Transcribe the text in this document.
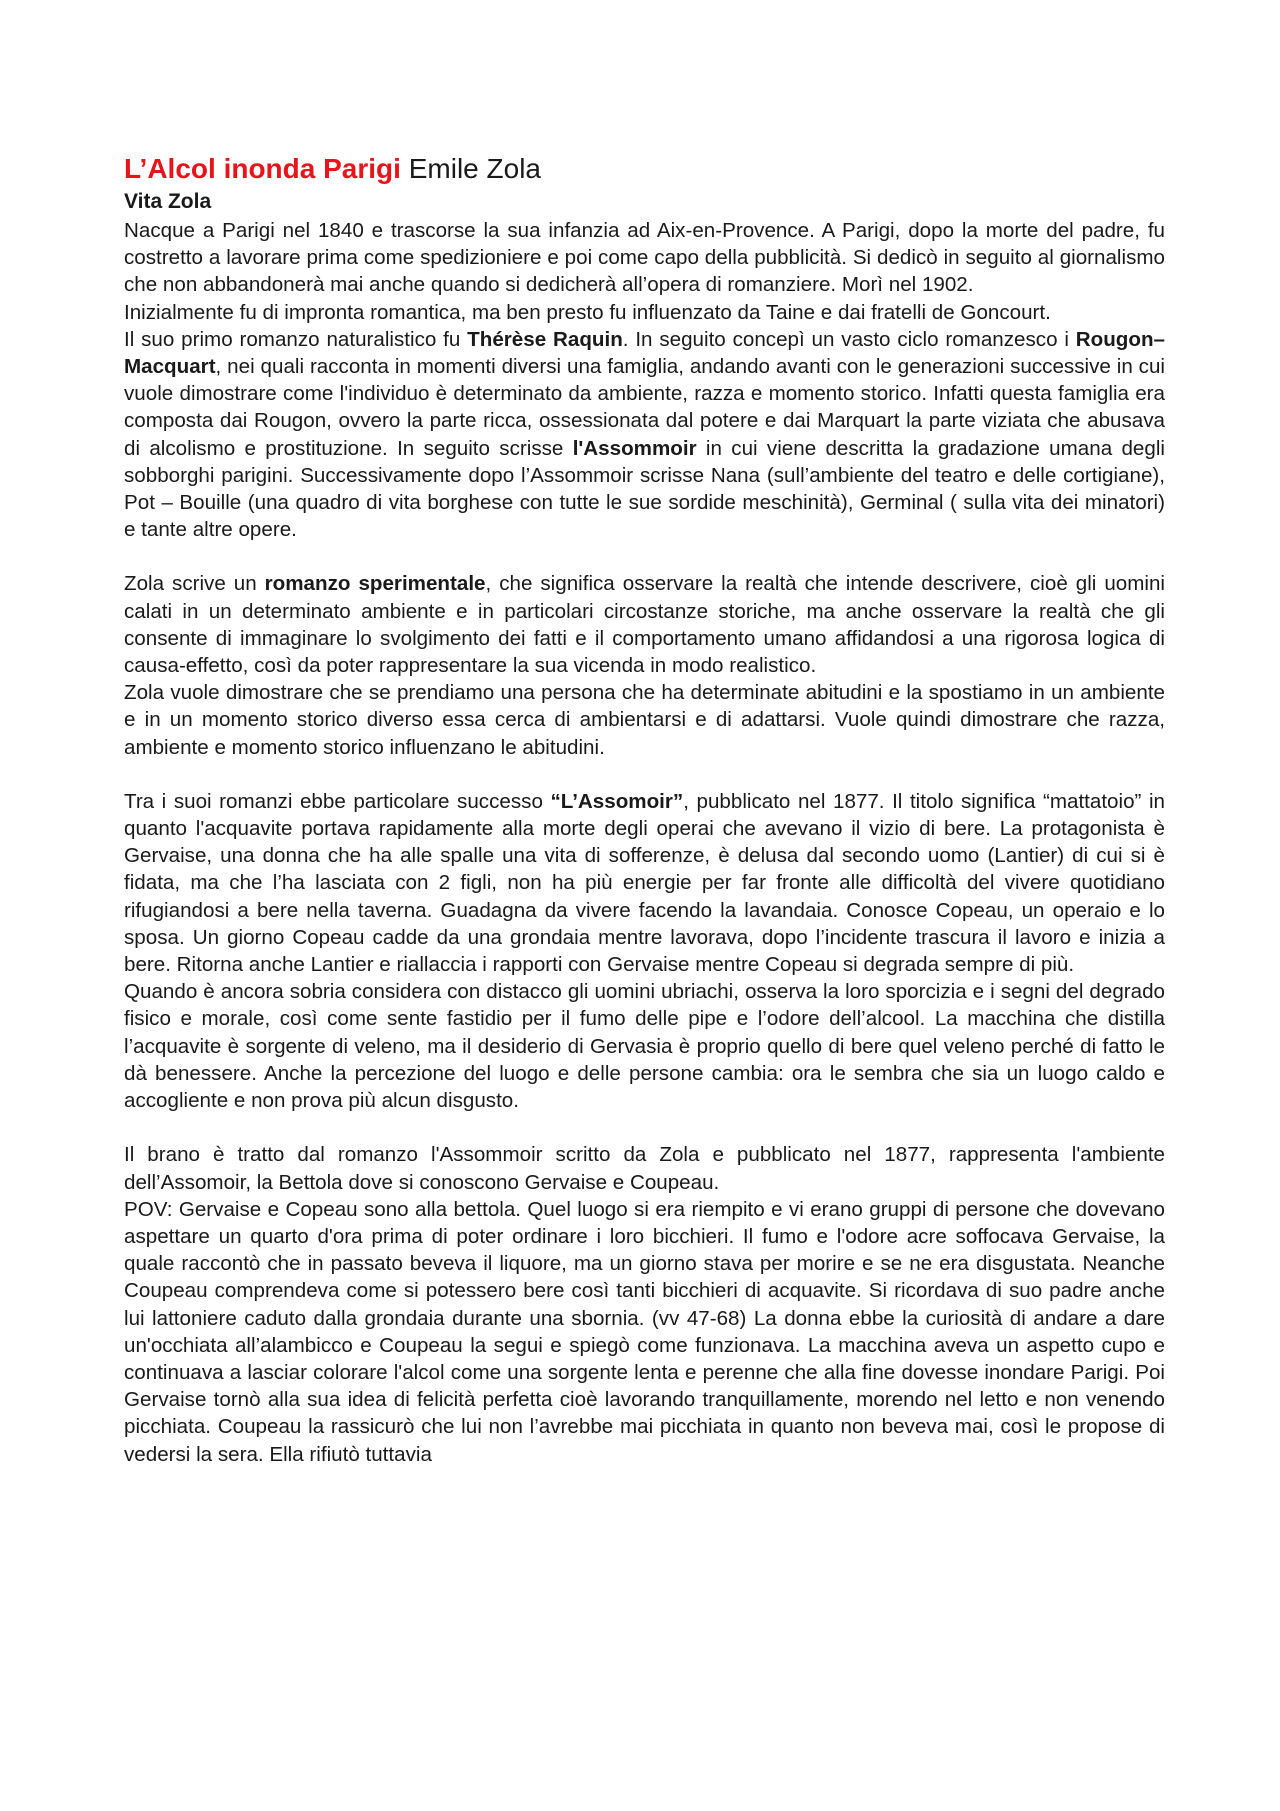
L’Alcol inonda Parigi Emile Zola
Vita Zola

Nacque a Parigi nel 1840 e trascorse la sua infanzia ad Aix-en-Provence. A Parigi, dopo la morte del padre, fu costretto a lavorare prima come spedizioniere e poi come capo della pubblicità. Si dedicò in seguito al giornalismo che non abbandonerà mai anche quando si dedicherà all’opera di romanziere. Morì nel 1902.

Inizialmente fu di impronta romantica, ma ben presto fu influenzato da Taine e dai fratelli de Goncourt.

Il suo primo romanzo naturalistico fu Thérèse Raquin. In seguito concepì un vasto ciclo romanzesco i Rougon–Macquart, nei quali racconta in momenti diversi una famiglia, andando avanti con le generazioni successive in cui vuole dimostrare come l'individuo è determinato da ambiente, razza e momento storico. Infatti questa famiglia era composta dai Rougon, ovvero la parte ricca, ossessionata dal potere e dai Marquart la parte viziata che abusava di alcolismo e prostituzione. In seguito scrisse l'Assommoir in cui viene descritta la gradazione umana degli sobborghi parigini. Successivamente dopo l’Assommoir scrisse Nana (sull’ambiente del teatro e delle cortigiane), Pot – Bouille (una quadro di vita borghese con tutte le sue sordide meschinità), Germinal ( sulla vita dei minatori) e tante altre opere.

Zola scrive un romanzo sperimentale, che significa osservare la realtà che intende descrivere, cioè gli uomini calati in un determinato ambiente e in particolari circostanze storiche, ma anche osservare la realtà che gli consente di immaginare lo svolgimento dei fatti e il comportamento umano affidandosi a una rigorosa logica di causa-effetto, così da poter rappresentare la sua vicenda in modo realistico.

Zola vuole dimostrare che se prendiamo una persona che ha determinate abitudini e la spostiamo in un ambiente e in un momento storico diverso essa cerca di ambientarsi e di adattarsi. Vuole quindi dimostrare che razza, ambiente e momento storico influenzano le abitudini.

Tra i suoi romanzi ebbe particolare successo “L’Assomoir”, pubblicato nel 1877. Il titolo significa “mattatoio” in quanto l'acquavite portava rapidamente alla morte degli operai che avevano il vizio di bere. La protagonista è Gervaise, una donna che ha alle spalle una vita di sofferenze, è delusa dal secondo uomo (Lantier) di cui si è fidata, ma che l’ha lasciata con 2 figli, non ha più energie per far fronte alle difficoltà del vivere quotidiano rifugiandosi a bere nella taverna. Guadagna da vivere facendo la lavandaia. Conosce Copeau, un operaio e lo sposa. Un giorno Copeau cadde da una grondaia mentre lavorava, dopo l’incidente trascura il lavoro e inizia a bere. Ritorna anche Lantier e riallaccia i rapporti con Gervaise mentre Copeau si degrada sempre di più.

Quando è ancora sobria considera con distacco gli uomini ubriachi, osserva la loro sporcizia e i segni del degrado fisico e morale, così come sente fastidio per il fumo delle pipe e l’odore dell’alcool. La macchina che distilla l’acquavite è sorgente di veleno, ma il desiderio di Gervasia è proprio quello di bere quel veleno perché di fatto le dà benessere. Anche la percezione del luogo e delle persone cambia: ora le sembra che sia un luogo caldo e accogliente e non prova più alcun disgusto.

Il brano è tratto dal romanzo l'Assommoir scritto da Zola e pubblicato nel 1877, rappresenta l'ambiente dell’Assomoir, la Bettola dove si conoscono Gervaise e Coupeau.

POV: Gervaise e Copeau sono alla bettola. Quel luogo si era riempito e vi erano gruppi di persone che dovevano aspettare un quarto d'ora prima di poter ordinare i loro bicchieri. Il fumo e l'odore acre soffocava Gervaise, la quale raccontò che in passato beveva il liquore, ma un giorno stava per morire e se ne era disgustata. Neanche Coupeau comprendeva come si potessero bere così tanti bicchieri di acquavite. Si ricordava di suo padre anche lui lattoniere caduto dalla grondaia durante una sbornia. (vv 47-68) La donna ebbe la curiosità di andare a dare un'occhiata all’alambicco e Coupeau la segui e spiegò come funzionava. La macchina aveva un aspetto cupo e continuava a lasciar colorare l'alcol come una sorgente lenta e perenne che alla fine dovesse inondare Parigi. Poi Gervaise tornò alla sua idea di felicità perfetta cioè lavorando tranquillamente, morendo nel letto e non venendo picchiata. Coupeau la rassicurò che lui non l’avrebbe mai picchiata in quanto non beveva mai, così le propose di vedersi la sera. Ella rifiutò tuttavia
